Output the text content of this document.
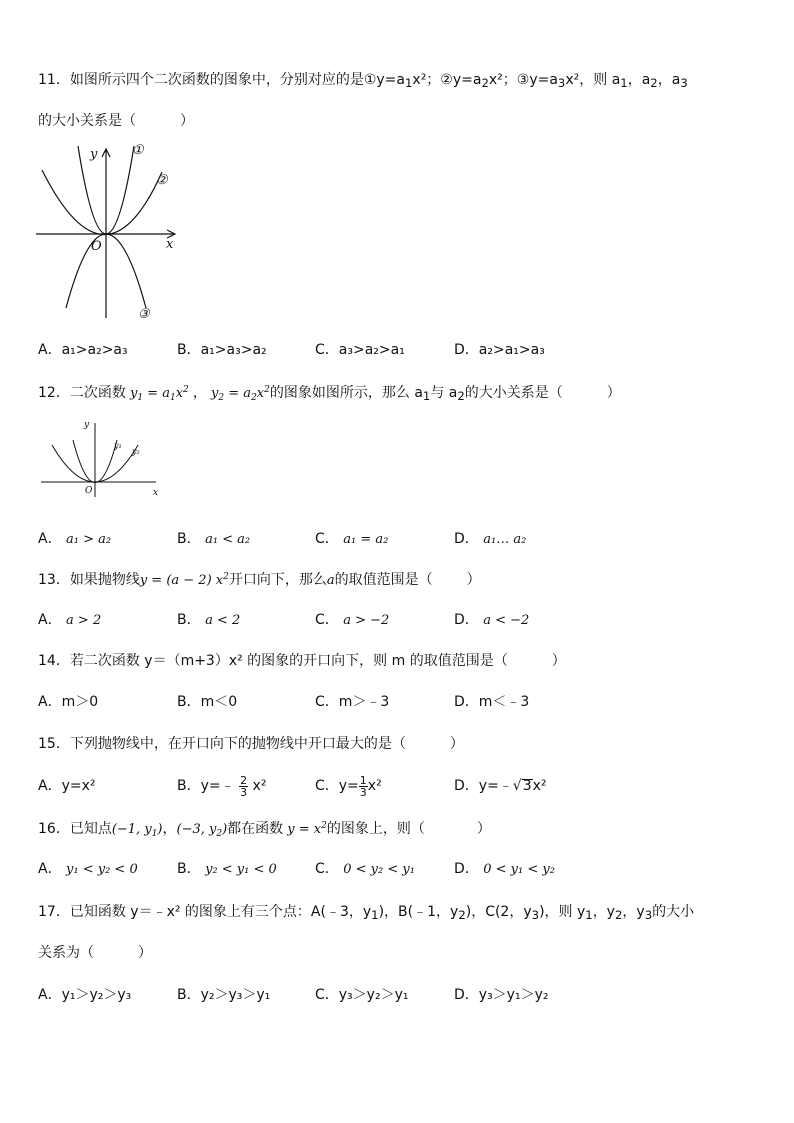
11．如图所示四个二次函数的图象中，分别对应的是$①y=a_1x^2$；$②y=a_2x^2$；$③y=a_3x^2$，则 $a_1$，$a_2$，$a_3$
的大小关系是（	）
y
x
O
①
②
③
A．a₁>a₂>a₃	B．a₁>a₃>a₂	C．a₃>a₂>a₁	D．a₂>a₁>a₃
12．二次函数 $y_1 = a_1x^2$ ， $y_2 = a_2x^2$的图象如图所示，那么 $a_1$与 $a_2$的大小关系是（	）
y
x
O
y₁
y₂
A． a₁ > a₂	B． a₁ < a₂	C． a₁ = a₂	D． a₁… a₂
13．如果抛物线y = (a − 2) $x^2$开口向下，那么a的取值范围是（ ）
A． a > 2	B． a < 2	C． a > −2	D． a < −2
14．若二次函数 y＝（m+3）x² 的图象的开口向下，则 m 的取值范围是（	）
A．m＞0	B．m＜0	C．m＞﹣3	D．m＜﹣3
15．下列抛物线中，在开口向下的抛物线中开口最大的是（	）
A．y=x²	B．y=﹣ $\frac{2}{3} x^2$	C．$y= \frac{1}{3} x^2$	D．y=﹣√3x²
16．已知点(−1, $y_1$)，(−3, $y_2$)都在函数 $y = x^2$的图象上，则（	）
A． y₁ < y₂ < 0	B． y₂ < y₁ < 0	C． 0 < y₂ < y₁	D． 0 < y₁ < y₂
17．已知函数 y＝﹣x² 的图象上有三个点：A(﹣3，$y_1$)，B(﹣1，$y_2$)，C(2，$y_3$)，则 $y_1$，$y_2$，$y_3$的大小
关系为（	）
A．y₁＞y₂＞y₃	B．y₂＞y₃＞y₁	C．y₃＞y₂＞y₁	D．y₃＞y₁＞y₂
